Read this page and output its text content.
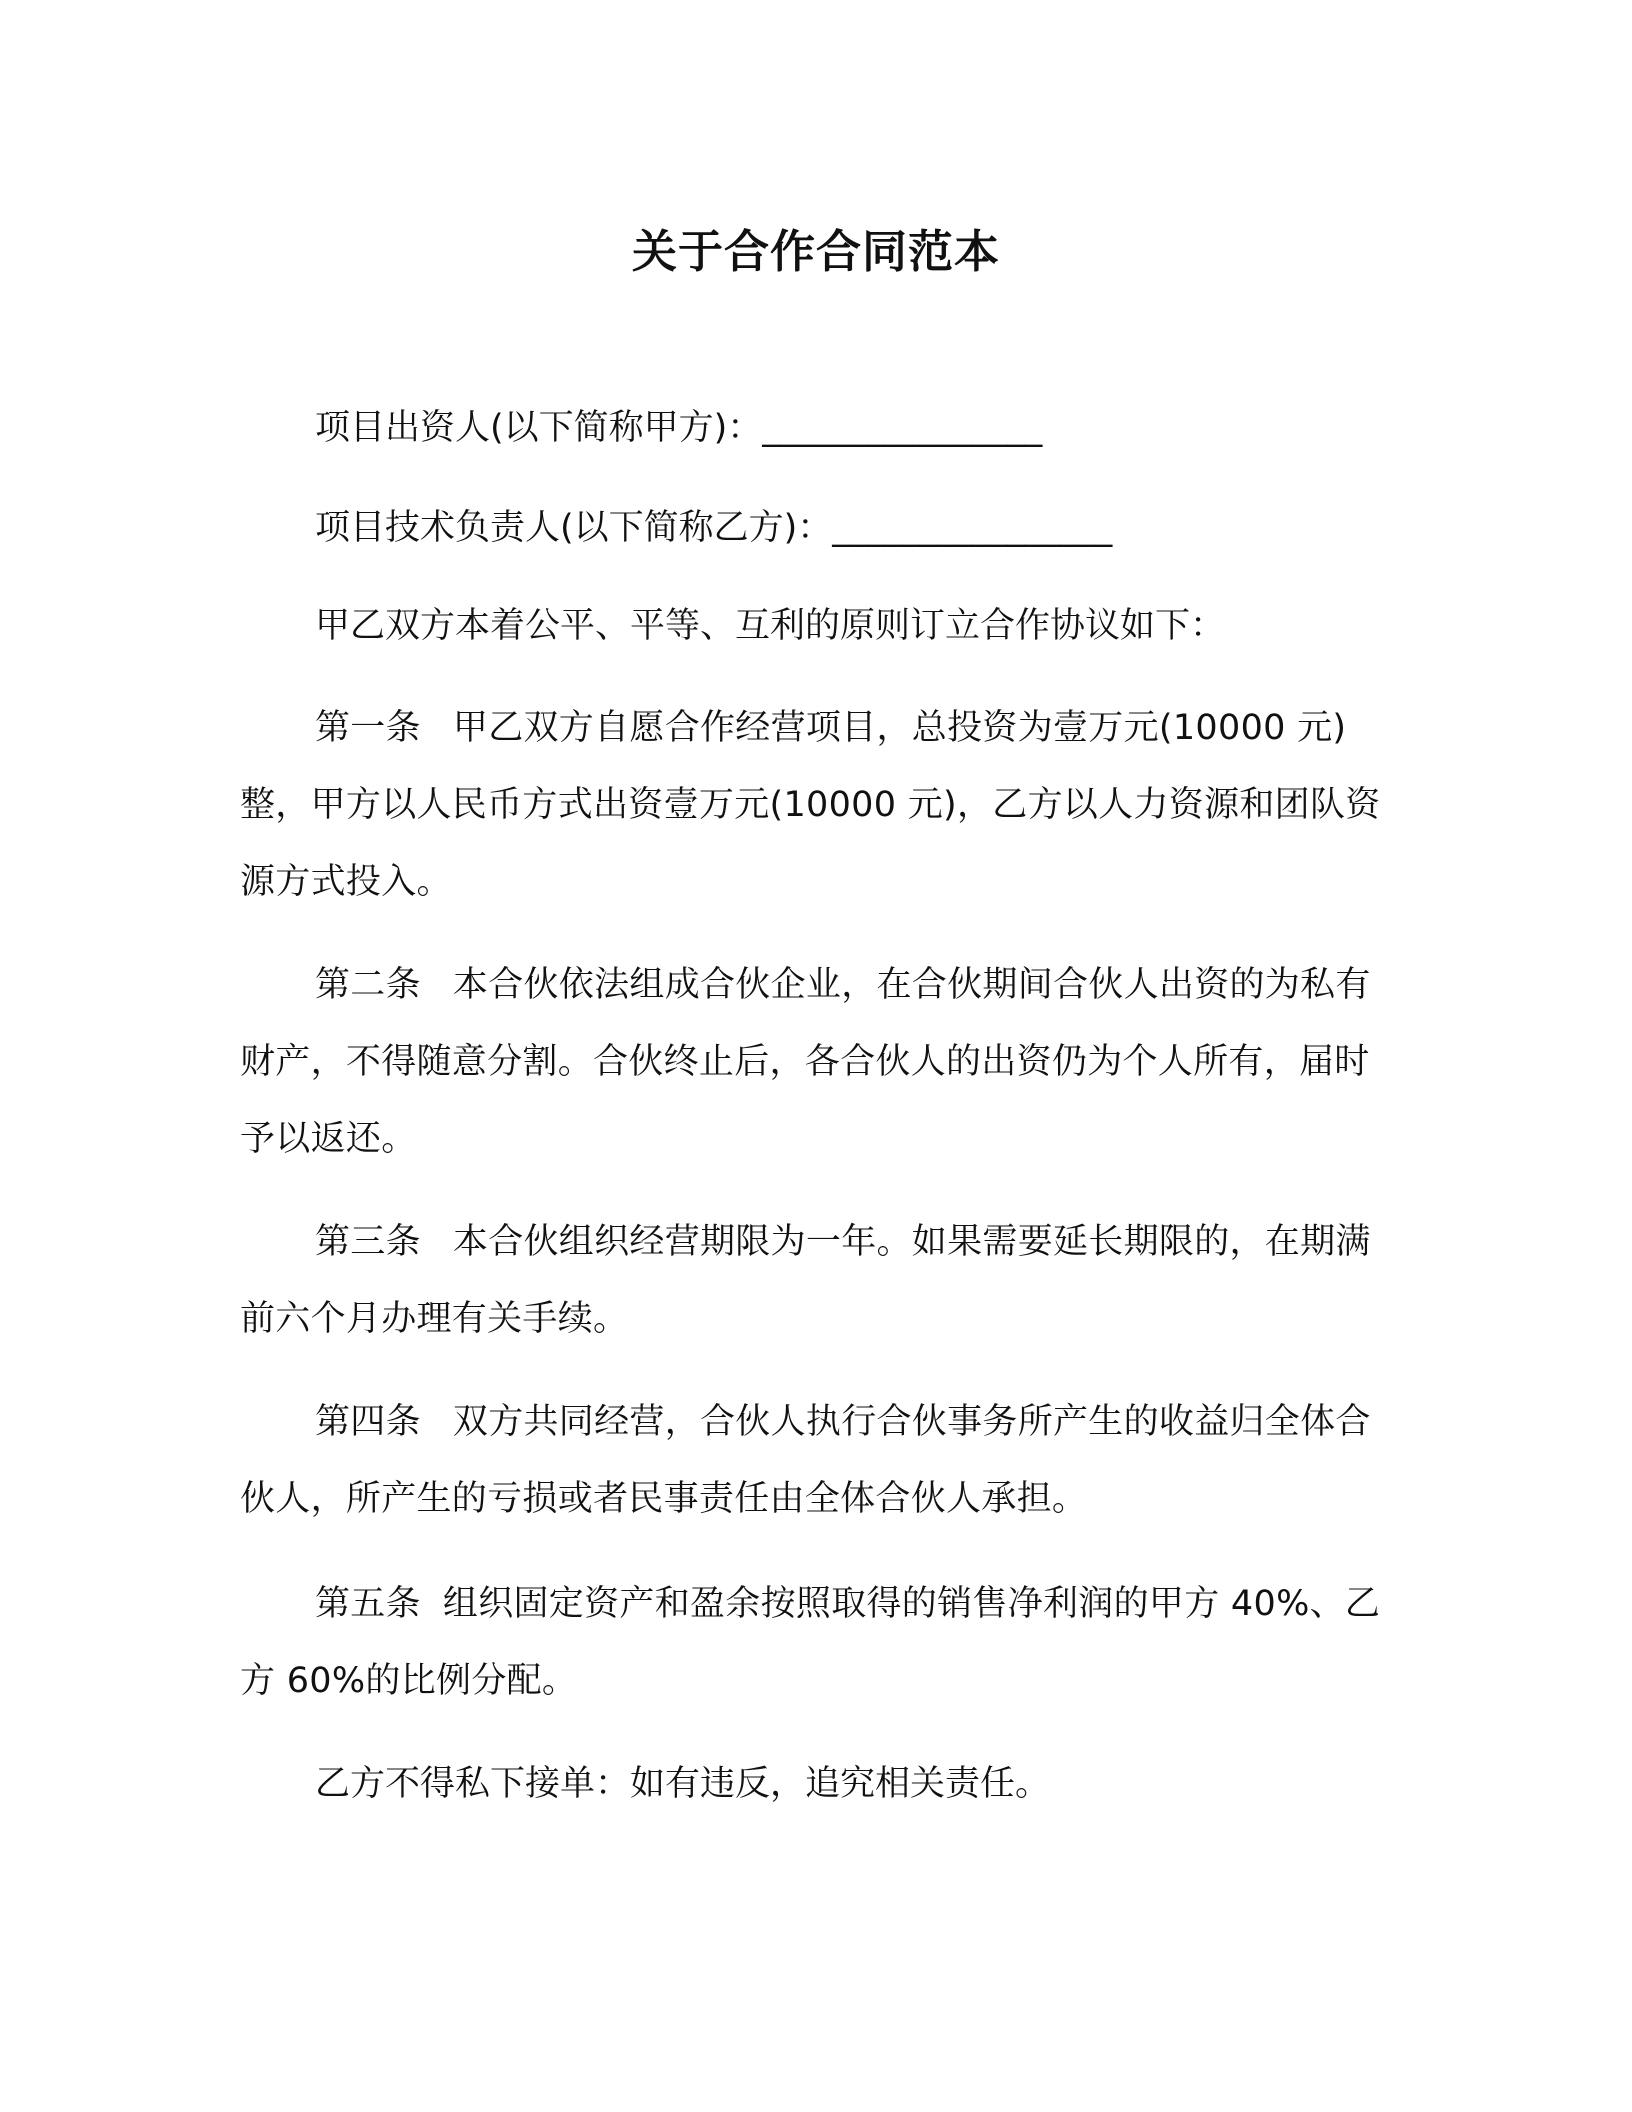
关于合作合同范本
项目出资人(以下简称甲方)：________________
项目技术负责人(以下简称乙方)：________________
甲乙双方本着公平、平等、互利的原则订立合作协议如下：

第一条 甲乙双方自愿合作经营项目，总投资为壹万元(10000 元)整，甲方以人民币方式出资壹万元(10000 元)，乙方以人力资源和团队资源方式投入。

第二条 本合伙依法组成合伙企业，在合伙期间合伙人出资的为私有财产，不得随意分割。合伙终止后，各合伙人的出资仍为个人所有，届时予以返还。

第三条 本合伙组织经营期限为一年。如果需要延长期限的，在期满前六个月办理有关手续。

第四条 双方共同经营，合伙人执行合伙事务所产生的收益归全体合伙人，所产生的亏损或者民事责任由全体合伙人承担。

第五条 组织固定资产和盈余按照取得的销售净利润的甲方 40%、乙方 60%的比例分配。

乙方不得私下接单：如有违反，追究相关责任。
